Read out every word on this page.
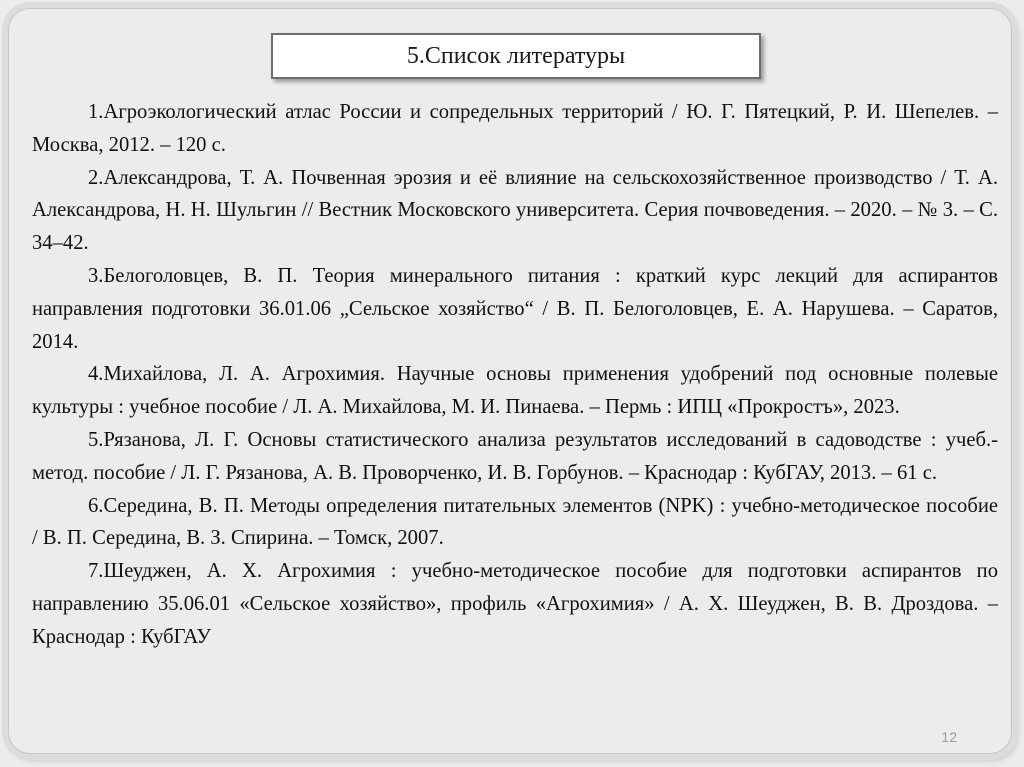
5.Список литературы

1.Агроэкологический атлас России и сопредельных территорий / Ю. Г. Пятецкий, Р. И. Шепелев. – Москва, 2012. – 120 с.

2.Александрова, Т. А. Почвенная эрозия и её влияние на сельскохозяйственное производство / Т. А. Александрова, Н. Н. Шульгин // Вестник Московского университета. Серия почвоведения. – 2020. – № 3. – С. 34–42.

3.Белоголовцев, В. П. Теория минерального питания : краткий курс лекций для аспирантов направления подготовки 36.01.06 „Сельское хозяйство“ / В. П. Белоголовцев, Е. А. Нарушева. – Саратов, 2014.

4.Михайлова, Л. А. Агрохимия. Научные основы применения удобрений под основные полевые культуры : учебное пособие / Л. А. Михайлова, М. И. Пинаева. – Пермь : ИПЦ «Прокростъ», 2023.

5.Рязанова, Л. Г. Основы статистического анализа результатов исследований в садоводстве : учеб.-метод. пособие / Л. Г. Рязанова, А. В. Проворченко, И. В. Горбунов. – Краснодар : КубГАУ, 2013. – 61 с.

6.Середина, В. П. Методы определения питательных элементов (NPK) : учебно-методическое пособие / В. П. Середина, В. З. Спирина. – Томск, 2007.

7.Шеуджен, А. Х. Агрохимия : учебно-методическое пособие для подготовки аспирантов по направлению 35.06.01 «Сельское хозяйство», профиль «Агрохимия» / А. Х. Шеуджен, В. В. Дроздова. – Краснодар : КубГАУ

12
